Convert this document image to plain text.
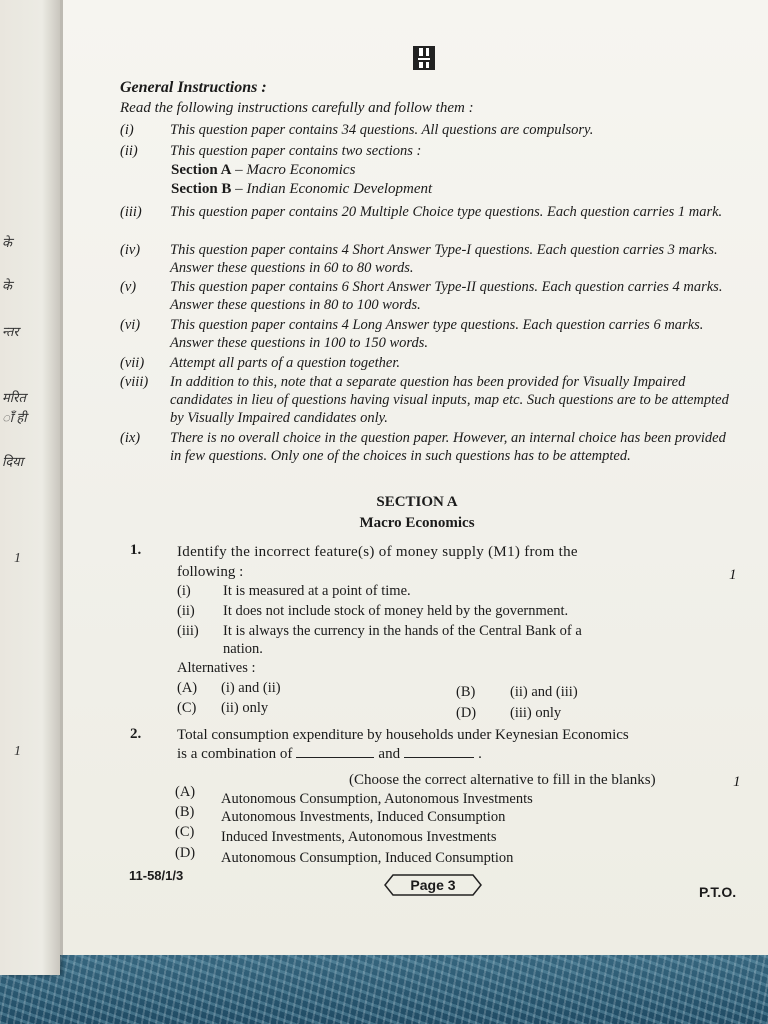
के
के
न्तर
मरित
ॉं ही
दिया
1
1
General Instructions :
Read the following instructions carefully and follow them :
(i)	This question paper contains 34 questions. All questions are compulsory.
(ii)	This question paper contains two sections :
Section A – Macro Economics
Section B – Indian Economic Development
(iii)	This question paper contains 20 Multiple Choice type questions. Each question carries 1 mark.
(iv)	This question paper contains 4 Short Answer Type-I questions. Each question carries 3 marks. Answer these questions in 60 to 80 words.
(v)	This question paper contains 6 Short Answer Type-II questions. Each question carries 4 marks. Answer these questions in 80 to 100 words.
(vi)	This question paper contains 4 Long Answer type questions. Each question carries 6 marks. Answer these questions in 100 to 150 words.
(vii)	Attempt all parts of a question together.
(viii)	In addition to this, note that a separate question has been provided for Visually Impaired candidates in lieu of questions having visual inputs, map etc. Such questions are to be attempted by Visually Impaired candidates only.
(ix)	There is no overall choice in the question paper. However, an internal choice has been provided in few questions. Only one of the choices in such questions has to be attempted.
SECTION A
Macro Economics
1. Identify the incorrect feature(s) of money supply (M1) from the
following :	1
(i) It is measured at a point of time.
(ii) It does not include stock of money held by the government.
(iii) It is always the currency in the hands of the Central Bank of a
nation.
Alternatives :
(A) (i) and (ii)	(B) (ii) and (iii)
(C) (ii) only	(D) (iii) only
2. Total consumption expenditure by households under Keynesian Economics
is a combination of	and	.
(Choose the correct alternative to fill in the blanks)	1
(A) Autonomous Consumption, Autonomous Investments
(B) Autonomous Investments, Induced Consumption
(C) Induced Investments, Autonomous Investments
(D) Autonomous Consumption, Induced Consumption
11-58/1/3
Page 3	P.T.O.
